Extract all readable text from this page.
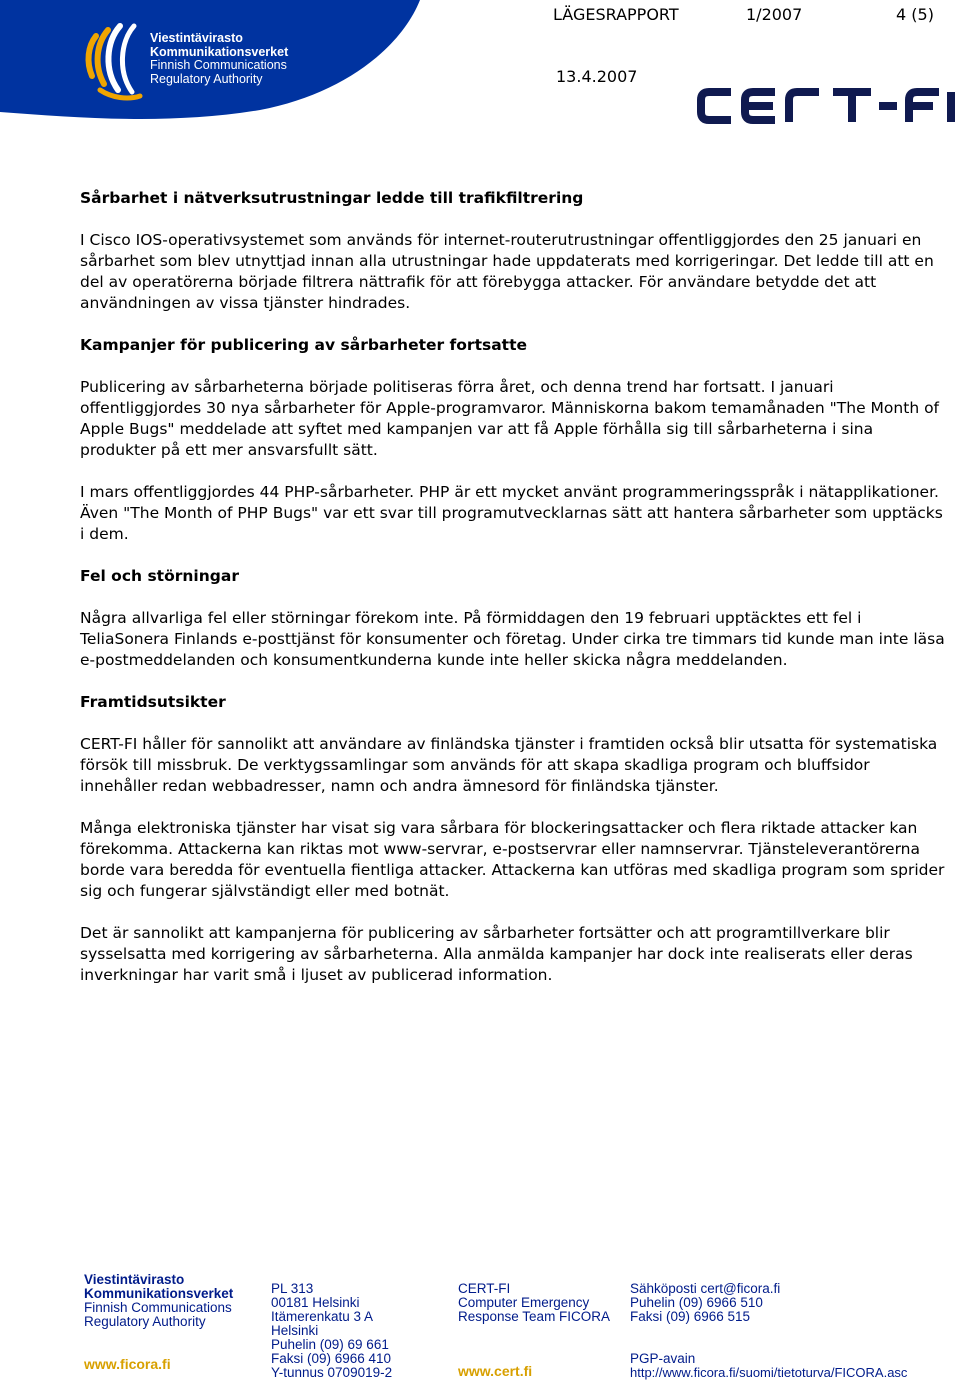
Viestintävirasto
Kommunikationsverket
Finnish Communications
Regulatory Authority
LÄGESRAPPORT	1/2007	4 (5)
13.4.2007
Sårbarhet i nätverksutrustningar ledde till trafikfiltrering

I Cisco IOS-operativsystemet som används för internet-routerutrustningar offentliggjordes den 25 januari en sårbarhet som blev utnyttjad innan alla utrustningar hade uppdaterats med korrigeringar. Det ledde till att en del av operatörerna började filtrera nättrafik för att förebygga attacker. För användare betydde det att användningen av vissa tjänster hindrades.

Kampanjer för publicering av sårbarheter fortsatte

Publicering av sårbarheterna började politiseras förra året, och denna trend har fortsatt. I januari offentliggjordes 30 nya sårbarheter för Apple-programvaror. Människorna bakom temamånaden "The Month of Apple Bugs" meddelade att syftet med kampanjen var att få Apple förhålla sig till sårbarheterna i sina produkter på ett mer ansvarsfullt sätt.

I mars offentliggjordes 44 PHP-sårbarheter. PHP är ett mycket använt programmeringsspråk i nätapplikationer. Även "The Month of PHP Bugs" var ett svar till programutvecklarnas sätt att hantera sårbarheter som upptäcks i dem.

Fel och störningar

Några allvarliga fel eller störningar förekom inte. På förmiddagen den 19 februari upptäcktes ett fel i TeliaSonera Finlands e-posttjänst för konsumenter och företag. Under cirka tre timmars tid kunde man inte läsa e-postmeddelanden och konsumentkunderna kunde inte heller skicka några meddelanden.

Framtidsutsikter

CERT-FI håller för sannolikt att användare av finländska tjänster i framtiden också blir utsatta för systematiska försök till missbruk. De verktygssamlingar som används för att skapa skadliga program och bluffsidor innehåller redan webbadresser, namn och andra ämnesord för finländska tjänster.

Många elektroniska tjänster har visat sig vara sårbara för blockeringsattacker och flera riktade attacker kan förekomma. Attackerna kan riktas mot www-servrar, e-postservrar eller namnservrar. Tjänsteleverantörerna borde vara beredda för eventuella fientliga attacker. Attackerna kan utföras med skadliga program som sprider sig och fungerar självständigt eller med botnät.

Det är sannolikt att kampanjerna för publicering av sårbarheter fortsätter och att programtillverkare blir sysselsatta med korrigering av sårbarheterna. Alla anmälda kampanjer har dock inte realiserats eller deras inverkningar har varit små i ljuset av publicerad information.

Viestintävirasto
Kommunikationsverket
Finnish Communications
Regulatory Authority
www.ficora.fi
PL 313
00181 Helsinki
Itämerenkatu 3 A
Helsinki
Puhelin (09) 69 661
Faksi (09) 6966 410
Y-tunnus 0709019-2
CERT-FI
Computer Emergency
Response Team FICORA
www.cert.fi
Sähköposti cert@ficora.fi
Puhelin (09) 6966 510
Faksi (09) 6966 515
PGP-avain
http://www.ficora.fi/suomi/tietoturva/FICORA.asc
